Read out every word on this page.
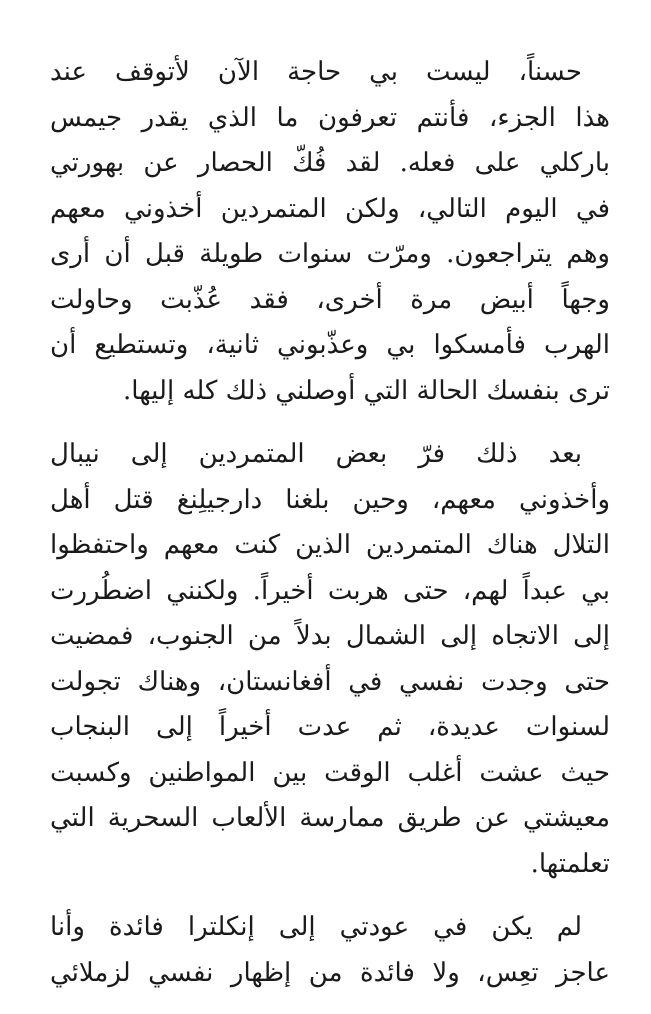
حسناً، ليست بي حاجة الآن لأتوقف عند
هذا الجزء، فأنتم تعرفون ما الذي يقدر جيمس
باركلي على فعله. لقد فُكّ الحصار عن بهورتي
في اليوم التالي، ولكن المتمردين أخذوني معهم
وهم يتراجعون. ومرّت سنوات طويلة قبل أن أرى
وجهاً أبيض مرة أخرى، فقد عُذّبت وحاولت
الهرب فأمسكوا بي وعذّبوني ثانية، وتستطيع أن
ترى بنفسك الحالة التي أوصلني ذلك كله إليها.
بعد ذلك فرّ بعض المتمردين إلى نيبال
وأخذوني معهم، وحين بلغنا دارجيلِنغ قتل أهل
التلال هناك المتمردين الذين كنت معهم واحتفظوا
بي عبداً لهم، حتى هربت أخيراً. ولكنني اضطُررت
إلى الاتجاه إلى الشمال بدلاً من الجنوب، فمضيت
حتى وجدت نفسي في أفغانستان، وهناك تجولت
لسنوات عديدة، ثم عدت أخيراً إلى البنجاب
حيث عشت أغلب الوقت بين المواطنين وكسبت
معيشتي عن طريق ممارسة الألعاب السحرية التي
تعلمتها.
لم يكن في عودتي إلى إنكلترا فائدة وأنا
عاجز تعِس، ولا فائدة من إظهار نفسي لزملائي
